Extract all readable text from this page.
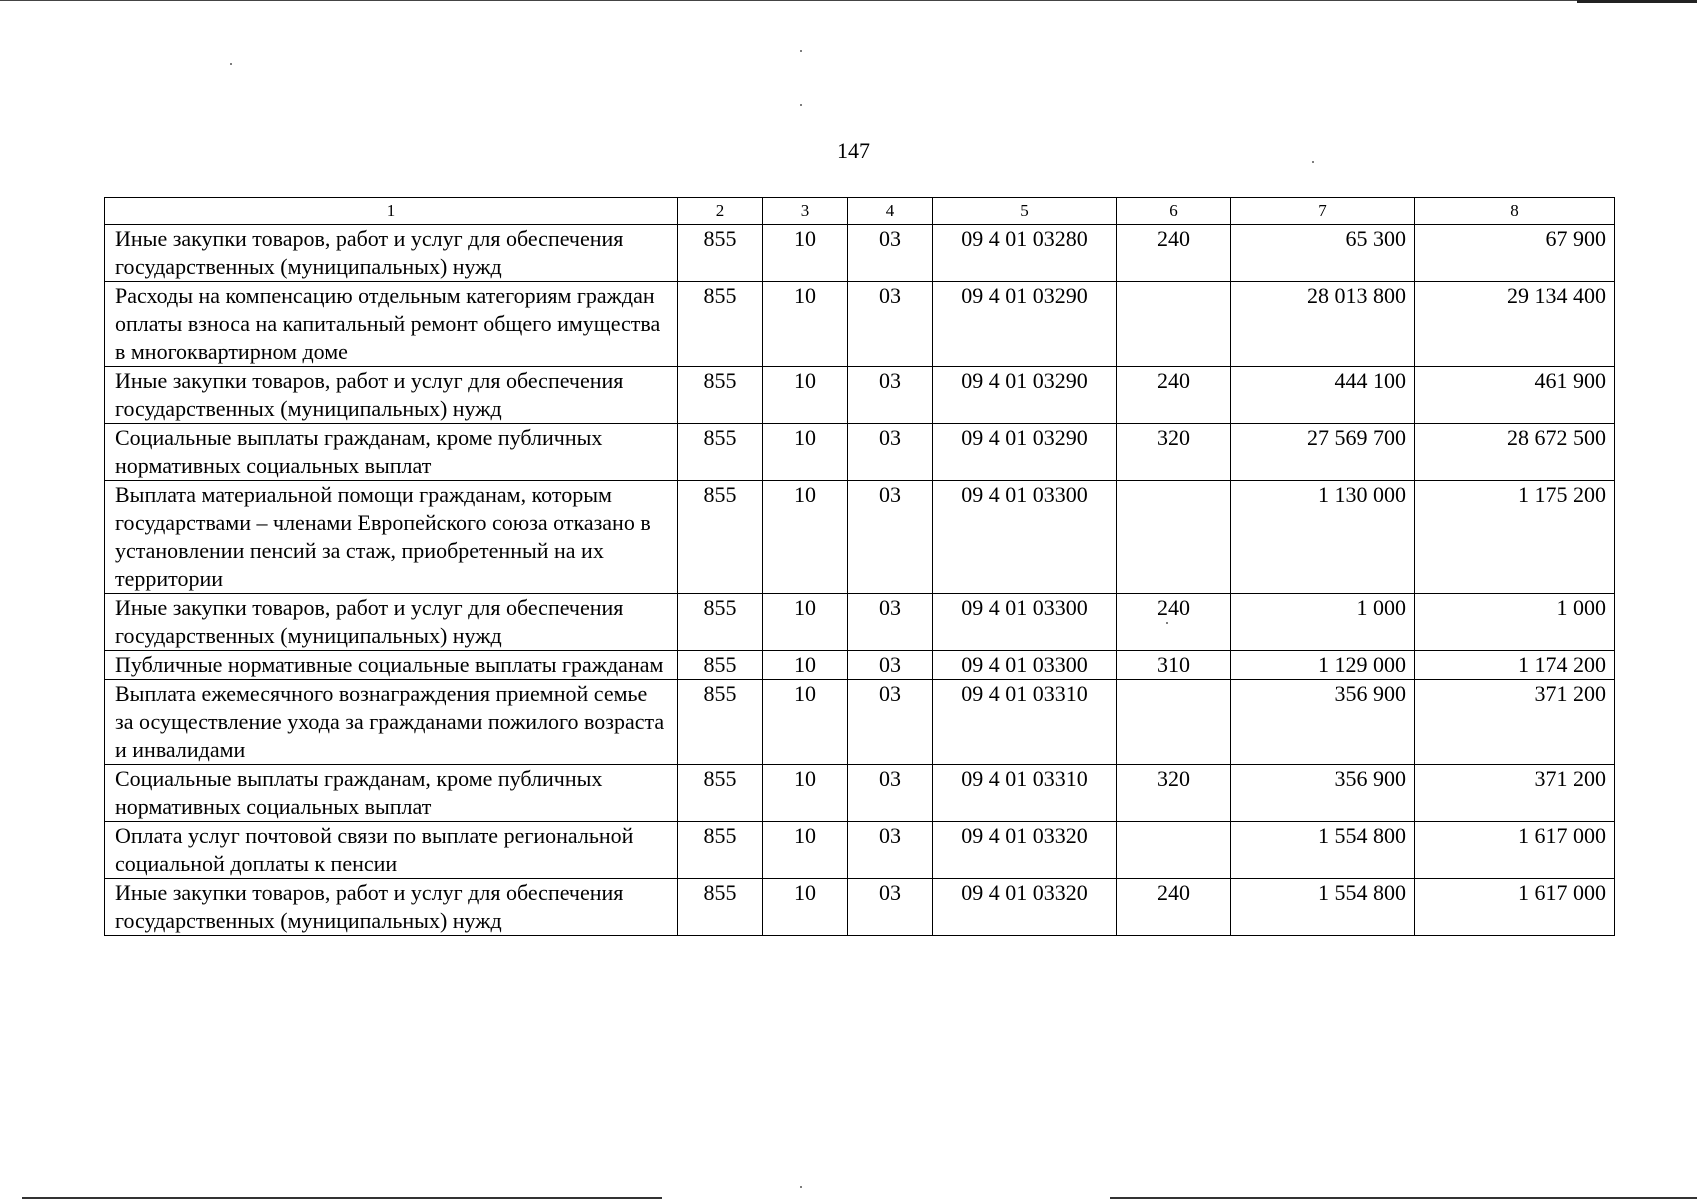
147
1	2	3	4	5	6	7	8
Иные закупки товаров, работ и услуг для обеспечения государственных (муниципальных) нужд	855	10	03	09 4 01 03280	240	65 300	67 900
Расходы на компенсацию отдельным категориям граждан оплаты взноса на капитальный ремонт общего имущества в многоквартирном доме	855	10	03	09 4 01 03290		28 013 800	29 134 400
Иные закупки товаров, работ и услуг для обеспечения государственных (муниципальных) нужд	855	10	03	09 4 01 03290	240	444 100	461 900
Социальные выплаты гражданам, кроме публичных нормативных социальных выплат	855	10	03	09 4 01 03290	320	27 569 700	28 672 500
Выплата материальной помощи гражданам, которым государствами – членами Европейского союза отказано в установлении пенсий за стаж, приобретенный на их территории	855	10	03	09 4 01 03300		1 130 000	1 175 200
Иные закупки товаров, работ и услуг для обеспечения государственных (муниципальных) нужд	855	10	03	09 4 01 03300	240	1 000	1 000
Публичные нормативные социальные выплаты гражданам	855	10	03	09 4 01 03300	310	1 129 000	1 174 200
Выплата ежемесячного вознаграждения приемной семье за осуществление ухода за гражданами пожилого возраста и инвалидами	855	10	03	09 4 01 03310		356 900	371 200
Социальные выплаты гражданам, кроме публичных нормативных социальных выплат	855	10	03	09 4 01 03310	320	356 900	371 200
Оплата услуг почтовой связи по выплате региональной социальной доплаты к пенсии	855	10	03	09 4 01 03320		1 554 800	1 617 000
Иные закупки товаров, работ и услуг для обеспечения государственных (муниципальных) нужд	855	10	03	09 4 01 03320	240	1 554 800	1 617 000
